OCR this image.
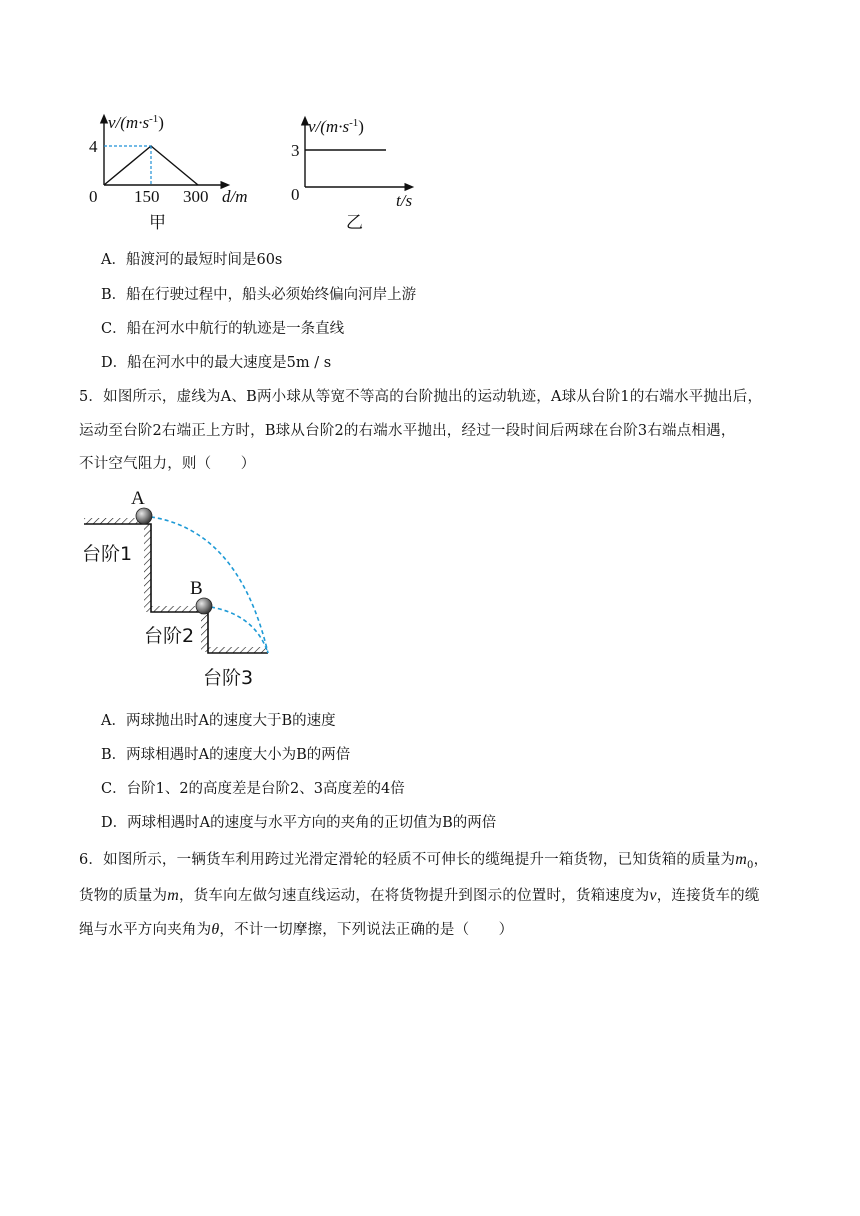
$v/(m\cdot s^{-1})$
4
0 150 300 d/m
甲
$v/(m\cdot s^{-1})$
3
0	t/s
乙
A．船渡河的最短时间是60s
B．船在行驶过程中，船头必须始终偏向河岸上游
C．船在河水中航行的轨迹是一条直线
D．船在河水中的最大速度是5m / s
5．如图所示，虚线为A、B两小球从等宽不等高的台阶抛出的运动轨迹，A球从台阶1的右端水平抛出后，
运动至台阶2右端正上方时，B球从台阶2的右端水平抛出，经过一段时间后两球在台阶3右端点相遇，
不计空气阻力，则（　　）
A
B
台阶1
台阶2
台阶3
A．两球抛出时A的速度大于B的速度
B．两球相遇时A的速度大小为B的两倍
C．台阶1、2的高度差是台阶2、3高度差的4倍
D．两球相遇时A的速度与水平方向的夹角的正切值为B的两倍
6．如图所示，一辆货车利用跨过光滑定滑轮的轻质不可伸长的缆绳提升一箱货物，已知货箱的质量为$m_0$，
货物的质量为m，货车向左做匀速直线运动，在将货物提升到图示的位置时，货箱速度为v，连接货车的缆
绳与水平方向夹角为θ，不计一切摩擦，下列说法正确的是（　　）
